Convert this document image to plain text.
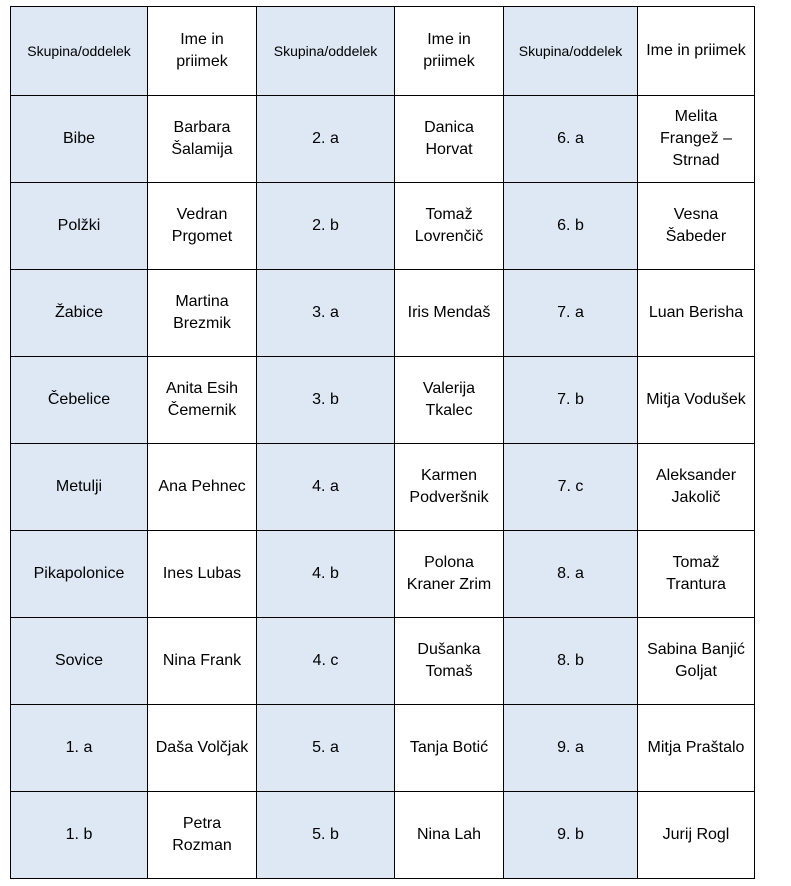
Skupina/oddelek	Ime in priimek	Skupina/oddelek	Ime in priimek	Skupina/oddelek	Ime in priimek
Bibe	Barbara Šalamija	2. a	Danica Horvat	6. a	Melita Frangež – Strnad
Polžki	Vedran Prgomet	2. b	Tomaž Lovrenčič	6. b	Vesna Šabeder
Žabice	Martina Brezmik	3. a	Iris Mendaš	7. a	Luan Berisha
Čebelice	Anita Esih Čemernik	3. b	Valerija Tkalec	7. b	Mitja Vodušek
Metulji	Ana Pehnec	4. a	Karmen Podveršnik	7. c	Aleksander Jakolič
Pikapolonice	Ines Lubas	4. b	Polona Kraner Zrim	8. a	Tomaž Trantura
Sovice	Nina Frank	4. c	Dušanka Tomaš	8. b	Sabina Banjić Goljat
1. a	Daša Volčjak	5. a	Tanja Botić	9. a	Mitja Praštalo
1. b	Petra Rozman	5. b	Nina Lah	9. b	Jurij Rogl
